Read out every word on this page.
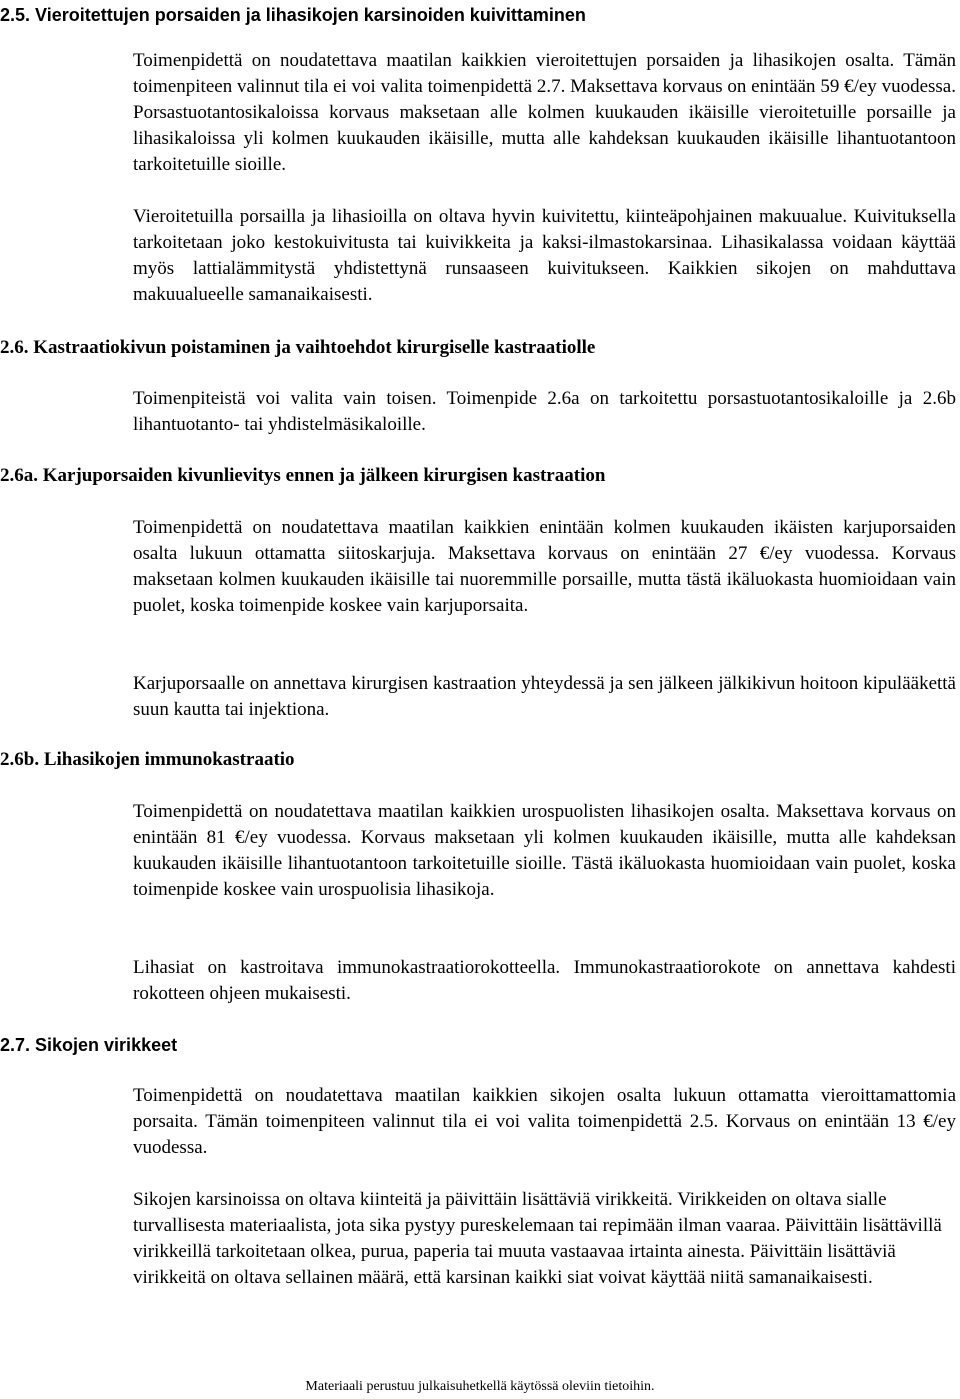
2.5. Vieroitettujen porsaiden ja lihasikojen karsinoiden kuivittaminen

Toimenpidettä on noudatettava maatilan kaikkien vieroitettujen porsaiden ja lihasikojen osalta. Tämän toimenpiteen valinnut tila ei voi valita toimenpidettä 2.7. Maksettava korvaus on enintään 59 €/ey vuodessa. Porsastuotantosikaloissa korvaus maksetaan alle kolmen kuukauden ikäisille vieroitetuille porsaille ja lihasikaloissa yli kolmen kuukauden ikäisille, mutta alle kahdeksan kuukauden ikäisille lihantuotantoon tarkoitetuille sioille.

Vieroitetuilla porsailla ja lihasioilla on oltava hyvin kuivitettu, kiinteäpohjainen makuualue. Kuivituksella tarkoitetaan joko kestokuivitusta tai kuivikkeita ja kaksi-ilmastokarsinaa. Lihasikalassa voidaan käyttää myös lattialämmitystä yhdistettynä runsaaseen kuivitukseen. Kaikkien sikojen on mahduttava makuualueelle samanaikaisesti.

2.6. Kastraatiokivun poistaminen ja vaihtoehdot kirurgiselle kastraatiolle

Toimenpiteistä voi valita vain toisen. Toimenpide 2.6a on tarkoitettu porsastuotantosikaloille ja 2.6b lihantuotanto- tai yhdistelmäsikaloille.

2.6a. Karjuporsaiden kivunlievitys ennen ja jälkeen kirurgisen kastraation

Toimenpidettä on noudatettava maatilan kaikkien enintään kolmen kuukauden ikäisten karjuporsaiden osalta lukuun ottamatta siitoskarjuja. Maksettava korvaus on enintään 27 €/ey vuodessa. Korvaus maksetaan kolmen kuukauden ikäisille tai nuoremmille porsaille, mutta tästä ikäluokasta huomioidaan vain puolet, koska toimenpide koskee vain karjuporsaita.

Karjuporsaalle on annettava kirurgisen kastraation yhteydessä ja sen jälkeen jälkikivun hoitoon kipulääkettä suun kautta tai injektiona.

2.6b. Lihasikojen immunokastraatio

Toimenpidettä on noudatettava maatilan kaikkien urospuolisten lihasikojen osalta. Maksettava korvaus on enintään 81 €/ey vuodessa. Korvaus maksetaan yli kolmen kuukauden ikäisille, mutta alle kahdeksan kuukauden ikäisille lihantuotantoon tarkoitetuille sioille. Tästä ikäluokasta huomioidaan vain puolet, koska toimenpide koskee vain urospuolisia lihasikoja.

Lihasiat on kastroitava immunokastraatiorokotteella. Immunokastraatiorokote on annettava kahdesti rokotteen ohjeen mukaisesti.

2.7. Sikojen virikkeet

Toimenpidettä on noudatettava maatilan kaikkien sikojen osalta lukuun ottamatta vieroittamattomia porsaita. Tämän toimenpiteen valinnut tila ei voi valita toimenpidettä 2.5. Korvaus on enintään 13 €/ey vuodessa.

Sikojen karsinoissa on oltava kiinteitä ja päivittäin lisättäviä virikkeitä. Virikkeiden on oltava sialle turvallisesta materiaalista, jota sika pystyy pureskelemaan tai repimään ilman vaaraa. Päivittäin lisättävillä virikkeillä tarkoitetaan olkea, purua, paperia tai muuta vastaavaa irtainta ainesta. Päivittäin lisättäviä virikkeitä on oltava sellainen määrä, että karsinan kaikki siat voivat käyttää niitä samanaikaisesti.

Materiaali perustuu julkaisuhetkellä käytössä oleviin tietoihin.
